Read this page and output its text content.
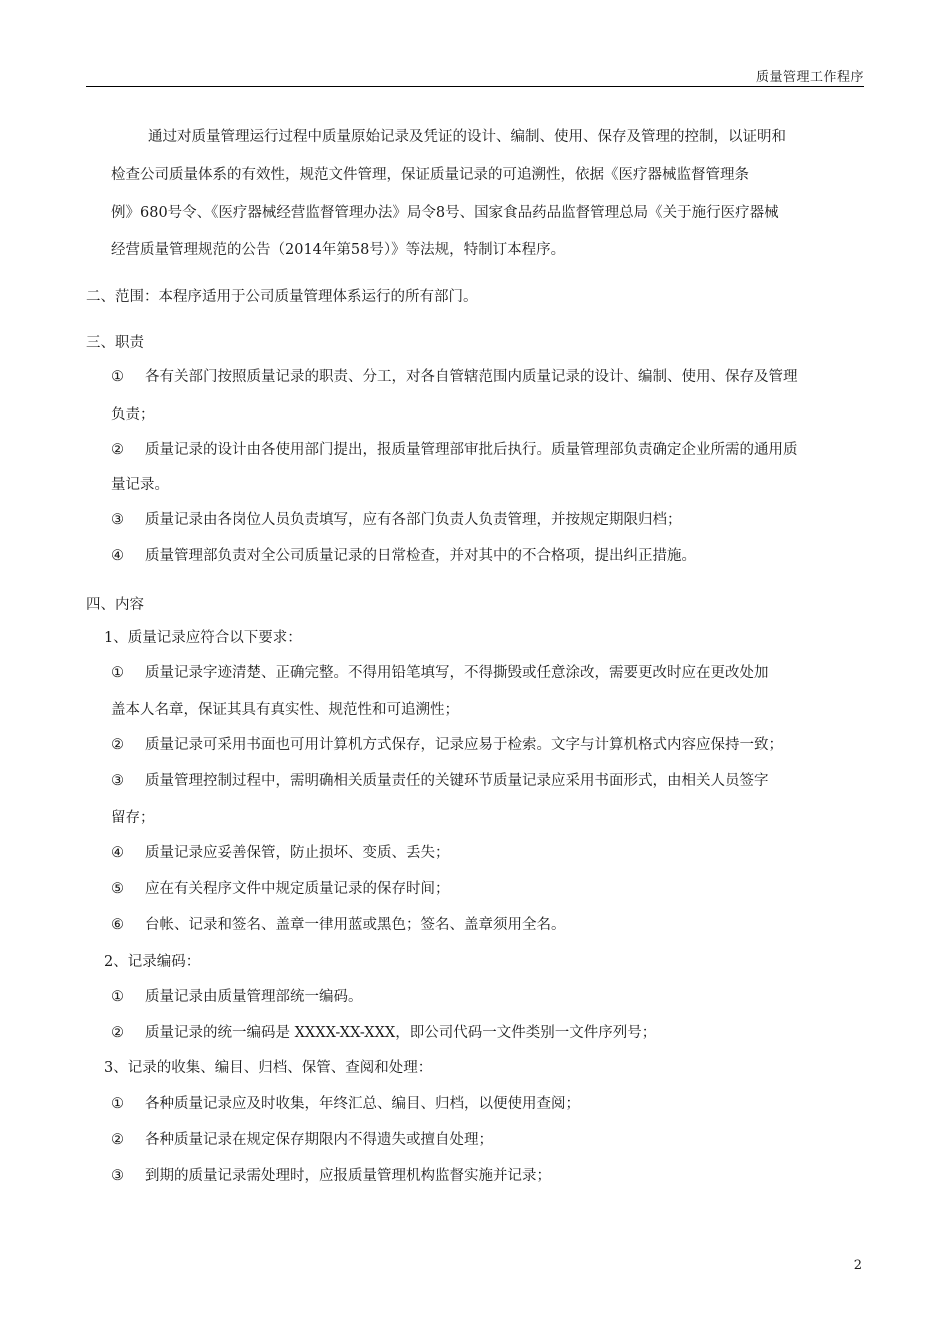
质量管理工作程序
通过对质量管理运行过程中质量原始记录及凭证的设计、编制、使用、保存及管理的控制，以证明和
检查公司质量体系的有效性，规范文件管理，保证质量记录的可追溯性，依据《医疗器械监督管理条
例》680号令、《医疗器械经营监督管理办法》局令8号、国家食品药品监督管理总局《关于施行医疗器械
经营质量管理规范的公告（2014年第58号）》等法规，特制订本程序。
二、范围：本程序适用于公司质量管理体系运行的所有部门。
三、职责
① 各有关部门按照质量记录的职责、分工，对各自管辖范围内质量记录的设计、编制、使用、保存及管理
负责；
② 质量记录的设计由各使用部门提出，报质量管理部审批后执行。质量管理部负责确定企业所需的通用质
量记录。
③ 质量记录由各岗位人员负责填写，应有各部门负责人负责管理，并按规定期限归档；
④ 质量管理部负责对全公司质量记录的日常检查，并对其中的不合格项，提出纠正措施。
四、内容
1、质量记录应符合以下要求：
① 质量记录字迹清楚、正确完整。不得用铅笔填写，不得撕毁或任意涂改，需要更改时应在更改处加
盖本人名章，保证其具有真实性、规范性和可追溯性；
② 质量记录可采用书面也可用计算机方式保存，记录应易于检索。文字与计算机格式内容应保持一致；
③ 质量管理控制过程中，需明确相关质量责任的关键环节质量记录应采用书面形式，由相关人员签字
留存；
④ 质量记录应妥善保管，防止损坏、变质、丢失；
⑤ 应在有关程序文件中规定质量记录的保存时间；
⑥ 台帐、记录和签名、盖章一律用蓝或黑色；签名、盖章须用全名。
2、记录编码：
① 质量记录由质量管理部统一编码。
② 质量记录的统一编码是 XXXX-XX-XXX，即公司代码一文件类别一文件序列号；
3、记录的收集、编目、归档、保管、查阅和处理：
① 各种质量记录应及时收集，年终汇总、编目、归档，以便使用查阅；
② 各种质量记录在规定保存期限内不得遗失或擅自处理；
③ 到期的质量记录需处理时，应报质量管理机构监督实施并记录；
2
